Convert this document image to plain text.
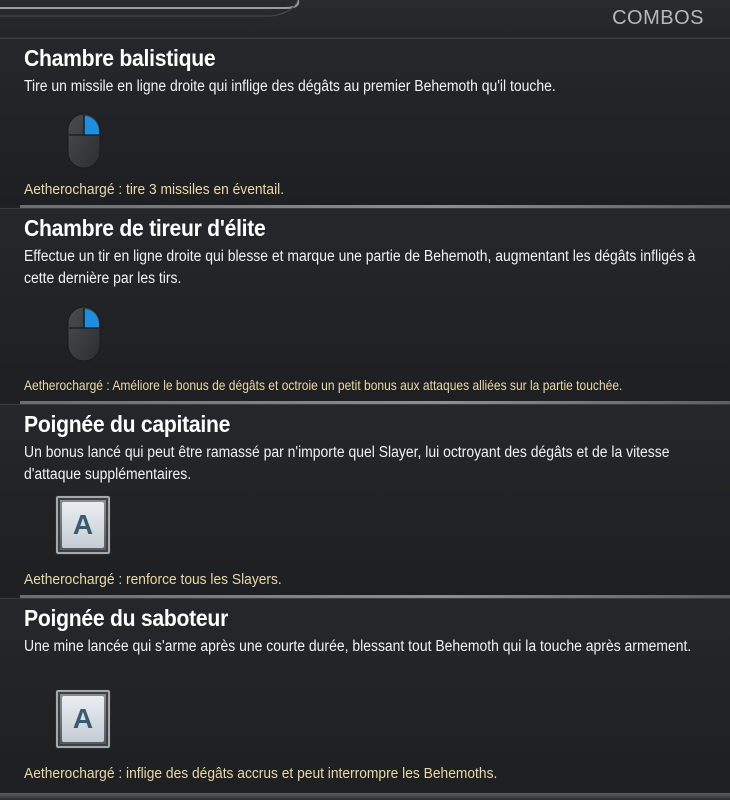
COMBOS
Chambre balistique
Tire un missile en ligne droite qui inflige des dégâts au premier Behemoth qu'il touche.
Aetherochargé : tire 3 missiles en éventail.
Chambre de tireur d'élite
Effectue un tir en ligne droite qui blesse et marque une partie de Behemoth, augmentant les dégâts infligés à cette dernière par les tirs.
Aetherochargé : Améliore le bonus de dégâts et octroie un petit bonus aux attaques alliées sur la partie touchée.
Poignée du capitaine
Un bonus lancé qui peut être ramassé par n'importe quel Slayer, lui octroyant des dégâts et de la vitesse d'attaque supplémentaires.
A
Aetherochargé : renforce tous les Slayers.
Poignée du saboteur
Une mine lancée qui s'arme après une courte durée, blessant tout Behemoth qui la touche après armement.
A
Aetherochargé : inflige des dégâts accrus et peut interrompre les Behemoths.
